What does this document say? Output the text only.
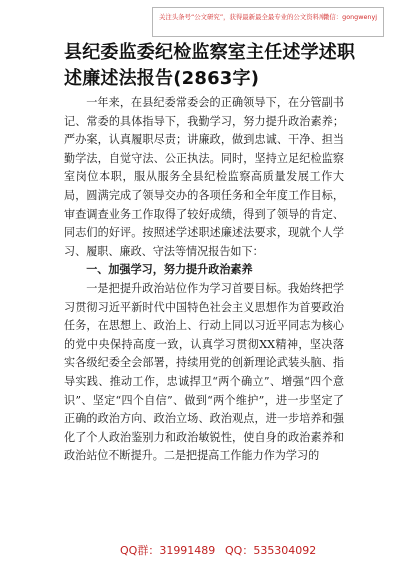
关注头条号“公文研究”，获得最新最全最专业的公文资料库！
微信：gongwenyj
县纪委监委纪检监察室主任述学述职述廉述法报告(2863字)

一年来，在县纪委常委会的正确领导下，在分管副书记、常委的具体指导下，我勤学习，努力提升政治素养；严办案，认真履职尽责；讲廉政，做到忠诚、干净、担当勤学法，自觉守法、公正执法。同时，坚持立足纪检监察室岗位本职，服从服务全县纪检监察高质量发展工作大局，圆满完成了领导交办的各项任务和全年度工作目标，审查调查业务工作取得了较好成绩，得到了领导的肯定、同志们的好评。按照述学述职述廉述法要求，现就个人学习、履职、廉政、守法等情况报告如下：

一、加强学习，努力提升政治素养

一是把提升政治站位作为学习首要目标。我始终把学习贯彻习近平新时代中国特色社会主义思想作为首要政治任务，在思想上、政治上、行动上同以习近平同志为核心的党中央保持高度一致，认真学习贯彻XX精神，坚决落实各级纪委全会部署，持续用党的创新理论武装头脑、指导实践、推动工作，忠诚捍卫“两个确立”、增强“四个意识”、坚定“四个自信”、做到“两个维护”，进一步坚定了正确的政治方向、政治立场、政治观点，进一步培养和强化了个人政治鉴别力和政治敏锐性，使自身的政治素养和政治站位不断提升。二是把提高工作能力作为学习的

QQ群：31991489 QQ：535304092
